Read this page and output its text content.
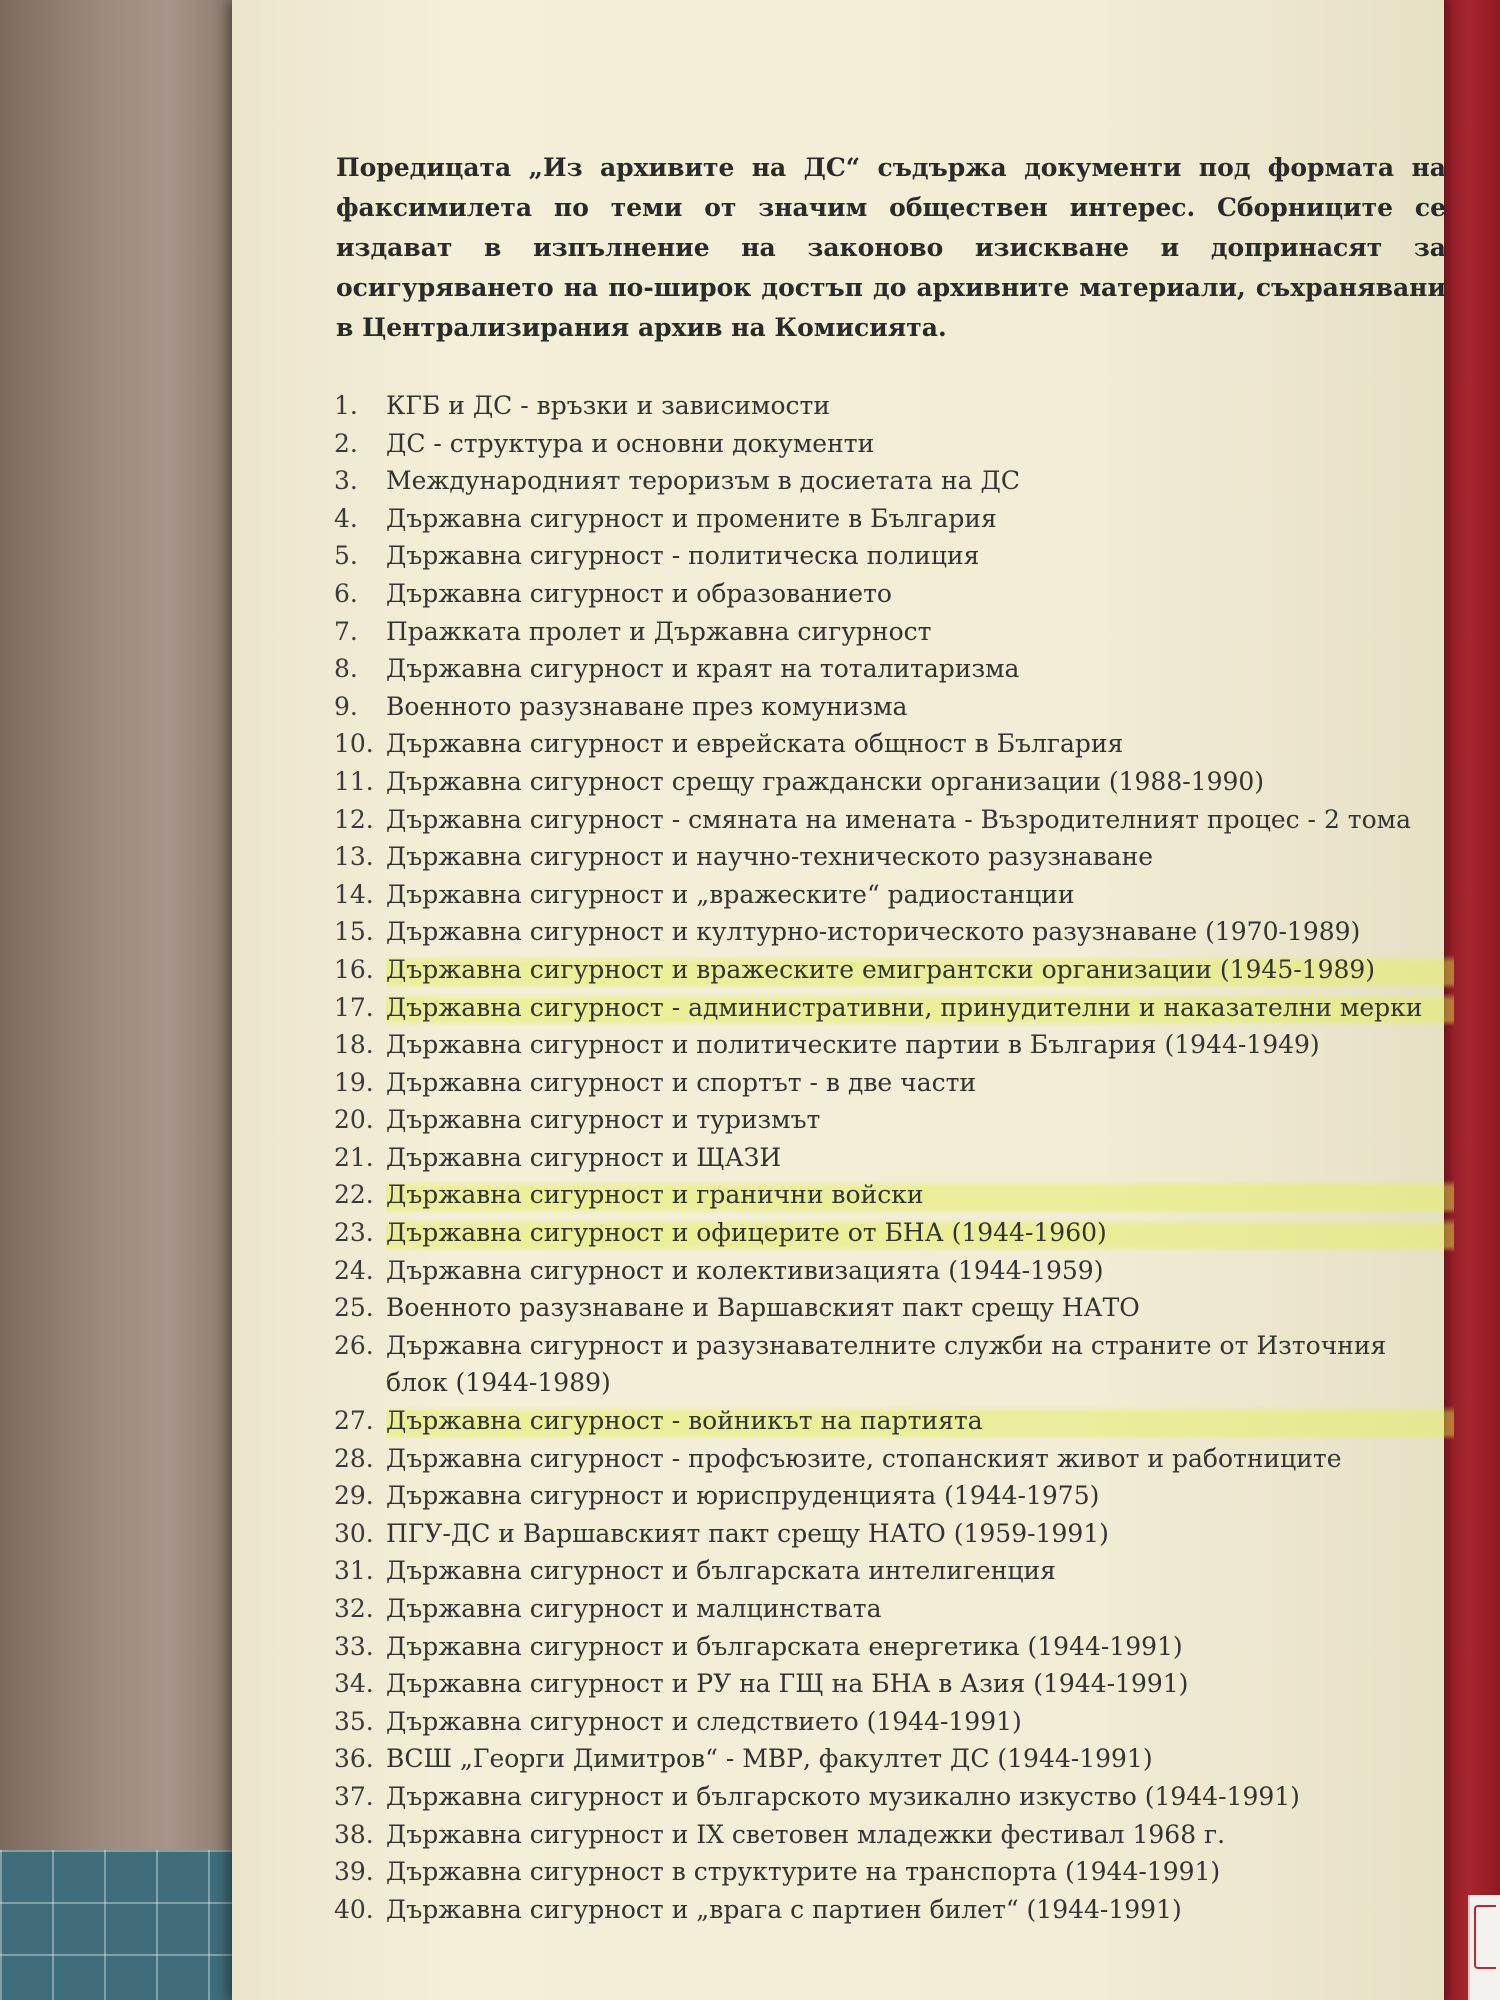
Поредицата „Из архивите на ДС“ съдържа документи под формата на факсимилета по теми от значим обществен интерес. Сборниците се издават в изпълнение на законово изискване и допринасят за осигуряването на по-широк достъп до архивните материали, съхранявани в Централизирания архив на Комисията.

1.	КГБ и ДС - връзки и зависимости
2.	ДС - структура и основни документи
3.	Международният тероризъм в досиетата на ДС
4.	Държавна сигурност и промените в България
5.	Държавна сигурност - политическа полиция
6.	Държавна сигурност и образованието
7.	Пражката пролет и Държавна сигурност
8.	Държавна сигурност и краят на тоталитаризма
9.	Военното разузнаване през комунизма
10. Държавна сигурност и еврейската общност в България
11. Държавна сигурност срещу граждански организации (1988-1990)
12. Държавна сигурност - смяната на имената - Възродителният процес - 2 тома
13. Държавна сигурност и научно-техническото разузнаване
14. Държавна сигурност и „вражеските“ радиостанции
15. Държавна сигурност и културно-историческото разузнаване (1970-1989)
16. Държавна сигурност и вражеските емигрантски организации (1945-1989)
17. Държавна сигурност - административни, принудителни и наказателни мерки
18. Държавна сигурност и политическите партии в България (1944-1949)
19. Държавна сигурност и спортът - в две части
20. Държавна сигурност и туризмът
21. Държавна сигурност и ЩАЗИ
22. Държавна сигурност и гранични войски
23. Държавна сигурност и офицерите от БНА (1944-1960)
24. Държавна сигурност и колективизацията (1944-1959)
25. Военното разузнаване и Варшавският пакт срещу НАТО
26. Държавна сигурност и разузнавателните служби на страните от Източния блок (1944-1989)
27. Държавна сигурност - войникът на партията
28. Държавна сигурност - профсъюзите, стопанският живот и работниците
29. Държавна сигурност и юриспруденцията (1944-1975)
30. ПГУ-ДС и Варшавският пакт срещу НАТО (1959-1991)
31. Държавна сигурност и българската интелигенция
32. Държавна сигурност и малцинствата
33. Държавна сигурност и българската енергетика (1944-1991)
34. Държавна сигурност и РУ на ГЩ на БНА в Азия (1944-1991)
35. Държавна сигурност и следствието (1944-1991)
36. ВСШ „Георги Димитров“ - МВР, факултет ДС (1944-1991)
37. Държавна сигурност и българското музикално изкуство (1944-1991)
38. Държавна сигурност и IX световен младежки фестивал 1968 г.
39. Държавна сигурност в структурите на транспорта (1944-1991)
40. Държавна сигурност и „врага с партиен билет“ (1944-1991)
